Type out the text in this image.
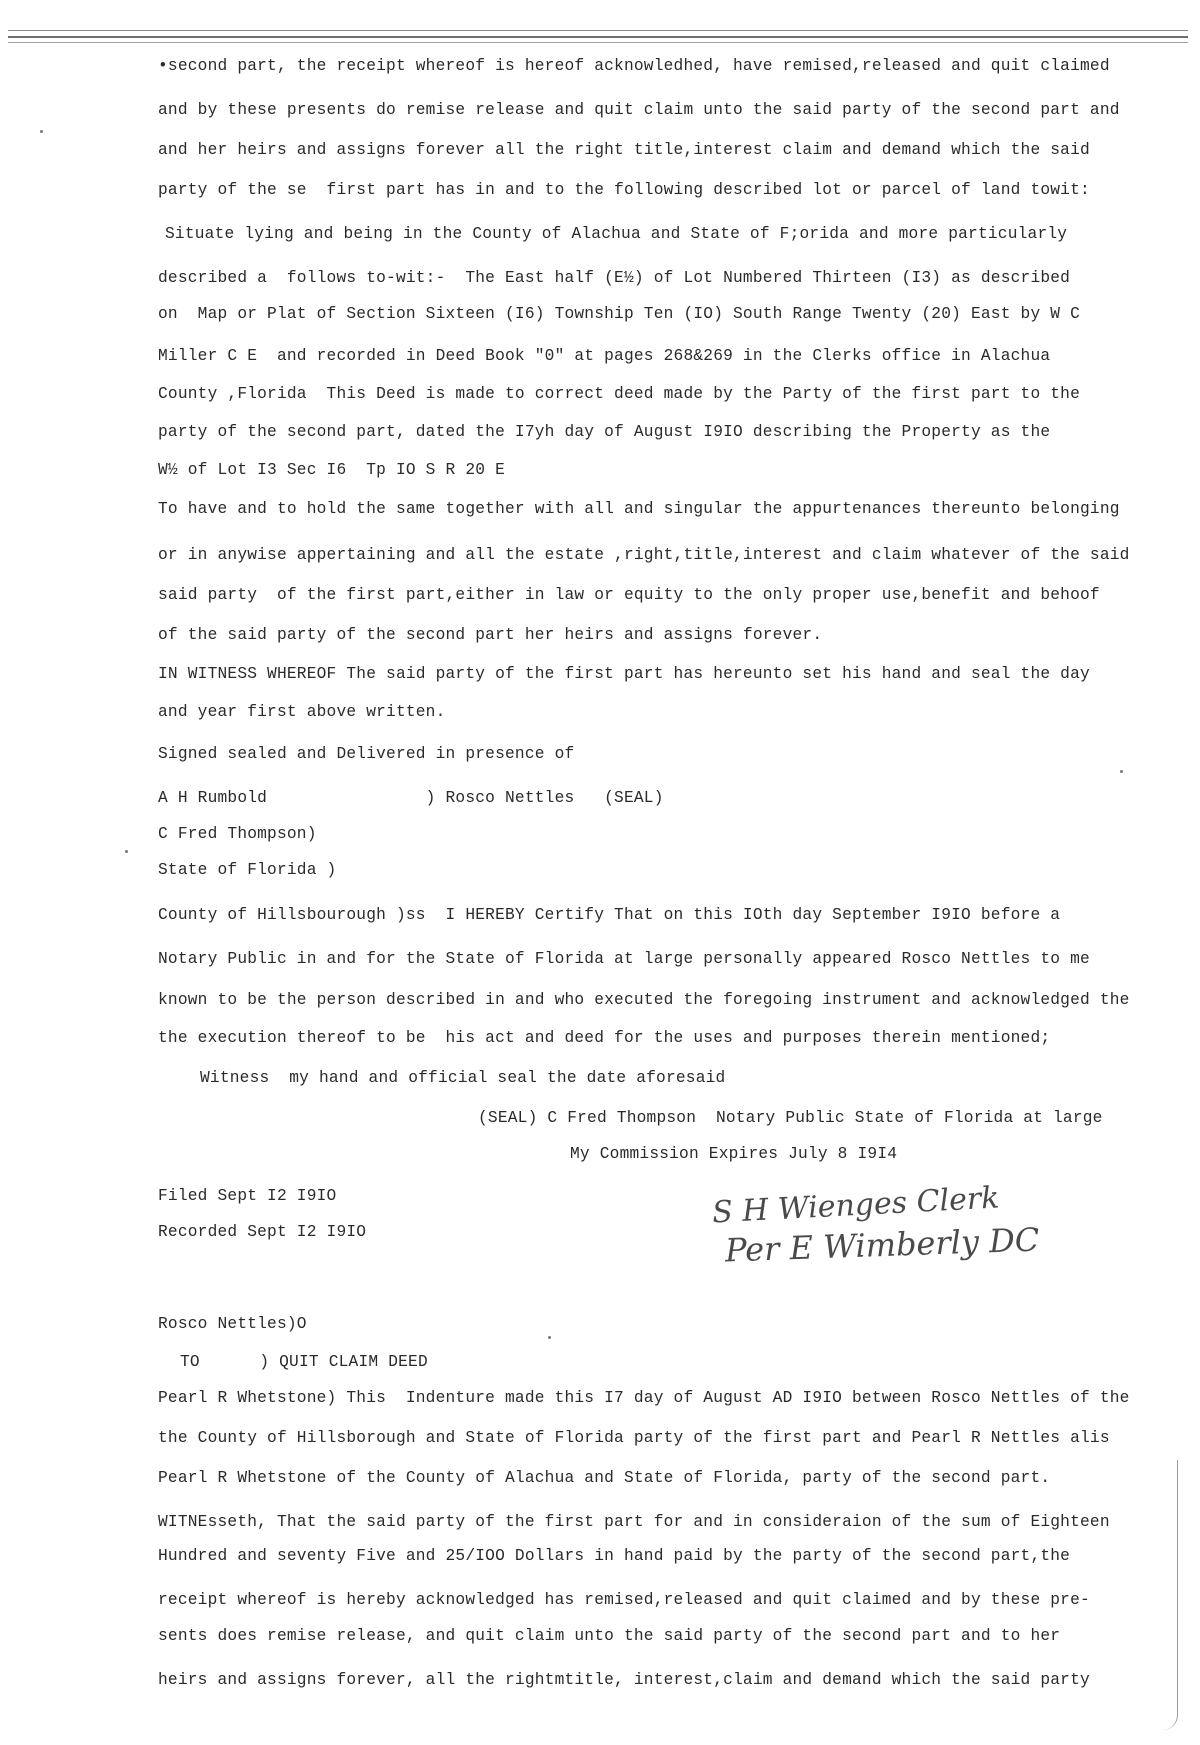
•second part, the receipt whereof is hereof acknowledhed, have remised,released and quit claimed
and by these presents do remise release and quit claim unto the said party of the second part and
and her heirs and assigns forever all the right title,interest claim and demand which the said
party of the se  first part has in and to the following described lot or parcel of land towit:
Situate lying and being in the County of Alachua and State of F;orida and more particularly
described a  follows to-wit:-  The East half (E½) of Lot Numbered Thirteen (I3) as described
on  Map or Plat of Section Sixteen (I6) Township Ten (IO) South Range Twenty (20) East by W C
Miller C E  and recorded in Deed Book "0" at pages 268&269 in the Clerks office in Alachua
County ,Florida  This Deed is made to correct deed made by the Party of the first part to the
party of the second part, dated the I7yh day of August I9IO describing the Property as the
W½ of Lot I3 Sec I6  Tp IO S R 20 E
To have and to hold the same together with all and singular the appurtenances thereunto belonging
or in anywise appertaining and all the estate ,right,title,interest and claim whatever of the said
said party  of the first part,either in law or equity to the only proper use,benefit and behoof
of the said party of the second part her heirs and assigns forever.
IN WITNESS WHEREOF The said party of the first part has hereunto set his hand and seal the day
and year first above written.
Signed sealed and Delivered in presence of
A H Rumbold                ) Rosco Nettles   (SEAL)
C Fred Thompson)
State of Florida )
County of Hillsbourough )ss  I HEREBY Certify That on this IOth day September I9IO before a
Notary Public in and for the State of Florida at large personally appeared Rosco Nettles to me
known to be the person described in and who executed the foregoing instrument and acknowledged the
the execution thereof to be  his act and deed for the uses and purposes therein mentioned;
Witness  my hand and official seal the date aforesaid
(SEAL) C Fred Thompson  Notary Public State of Florida at large
My Commission Expires July 8 I9I4
Filed Sept I2 I9IO
Recorded Sept I2 I9IO
Rosco Nettles)O
TO      ) QUIT CLAIM DEED
Pearl R Whetstone) This  Indenture made this I7 day of August AD I9IO between Rosco Nettles of the
the County of Hillsborough and State of Florida party of the first part and Pearl R Nettles alis
Pearl R Whetstone of the County of Alachua and State of Florida, party of the second part.
WITNEsseth, That the said party of the first part for and in consideraion of the sum of Eighteen
Hundred and seventy Five and 25/IOO Dollars in hand paid by the party of the second part,the
receipt whereof is hereby acknowledged has remised,released and quit claimed and by these pre-
sents does remise release, and quit claim unto the said party of the second part and to her
heirs and assigns forever, all the rightmtitle, interest,claim and demand which the said party
S H Wienges Clerk
Per E Wimberly DC
